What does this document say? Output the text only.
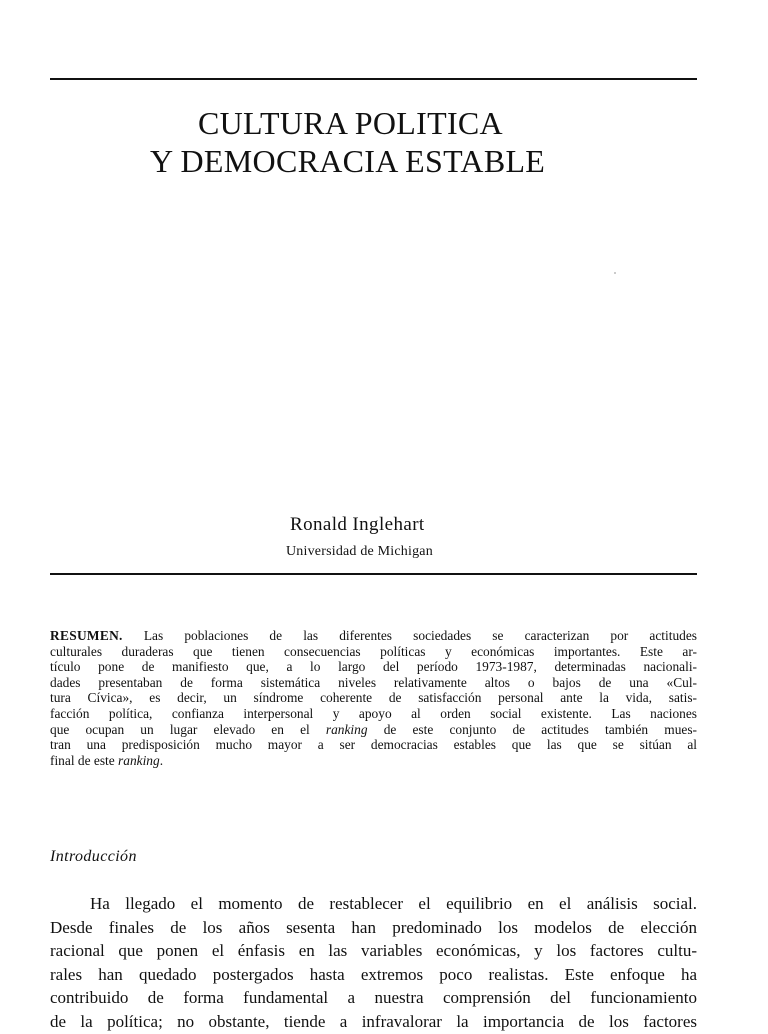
CULTURA POLITICA
Y DEMOCRACIA ESTABLE
Ronald Inglehart
Universidad de Michigan
RESUMEN. Las poblaciones de las diferentes sociedades se caracterizan por actitudes
culturales duraderas que tienen consecuencias políticas y económicas importantes. Este ar-
tículo pone de manifiesto que, a lo largo del período 1973-1987, determinadas nacionali-
dades presentaban de forma sistemática niveles relativamente altos o bajos de una «Cul-
tura Cívica», es decir, un síndrome coherente de satisfacción personal ante la vida, satis-
facción política, confianza interpersonal y apoyo al orden social existente. Las naciones
que ocupan un lugar elevado en el ranking de este conjunto de actitudes también mues-
tran una predisposición mucho mayor a ser democracias estables que las que se sitúan al
final de este ranking.
Introducción
Ha llegado el momento de restablecer el equilibrio en el análisis social.
Desde finales de los años sesenta han predominado los modelos de elección
racional que ponen el énfasis en las variables económicas, y los factores cultu-
rales han quedado postergados hasta extremos poco realistas. Este enfoque ha
contribuido de forma fundamental a nuestra comprensión del funcionamiento
de la política; no obstante, tiende a infravalorar la importancia de los factores
